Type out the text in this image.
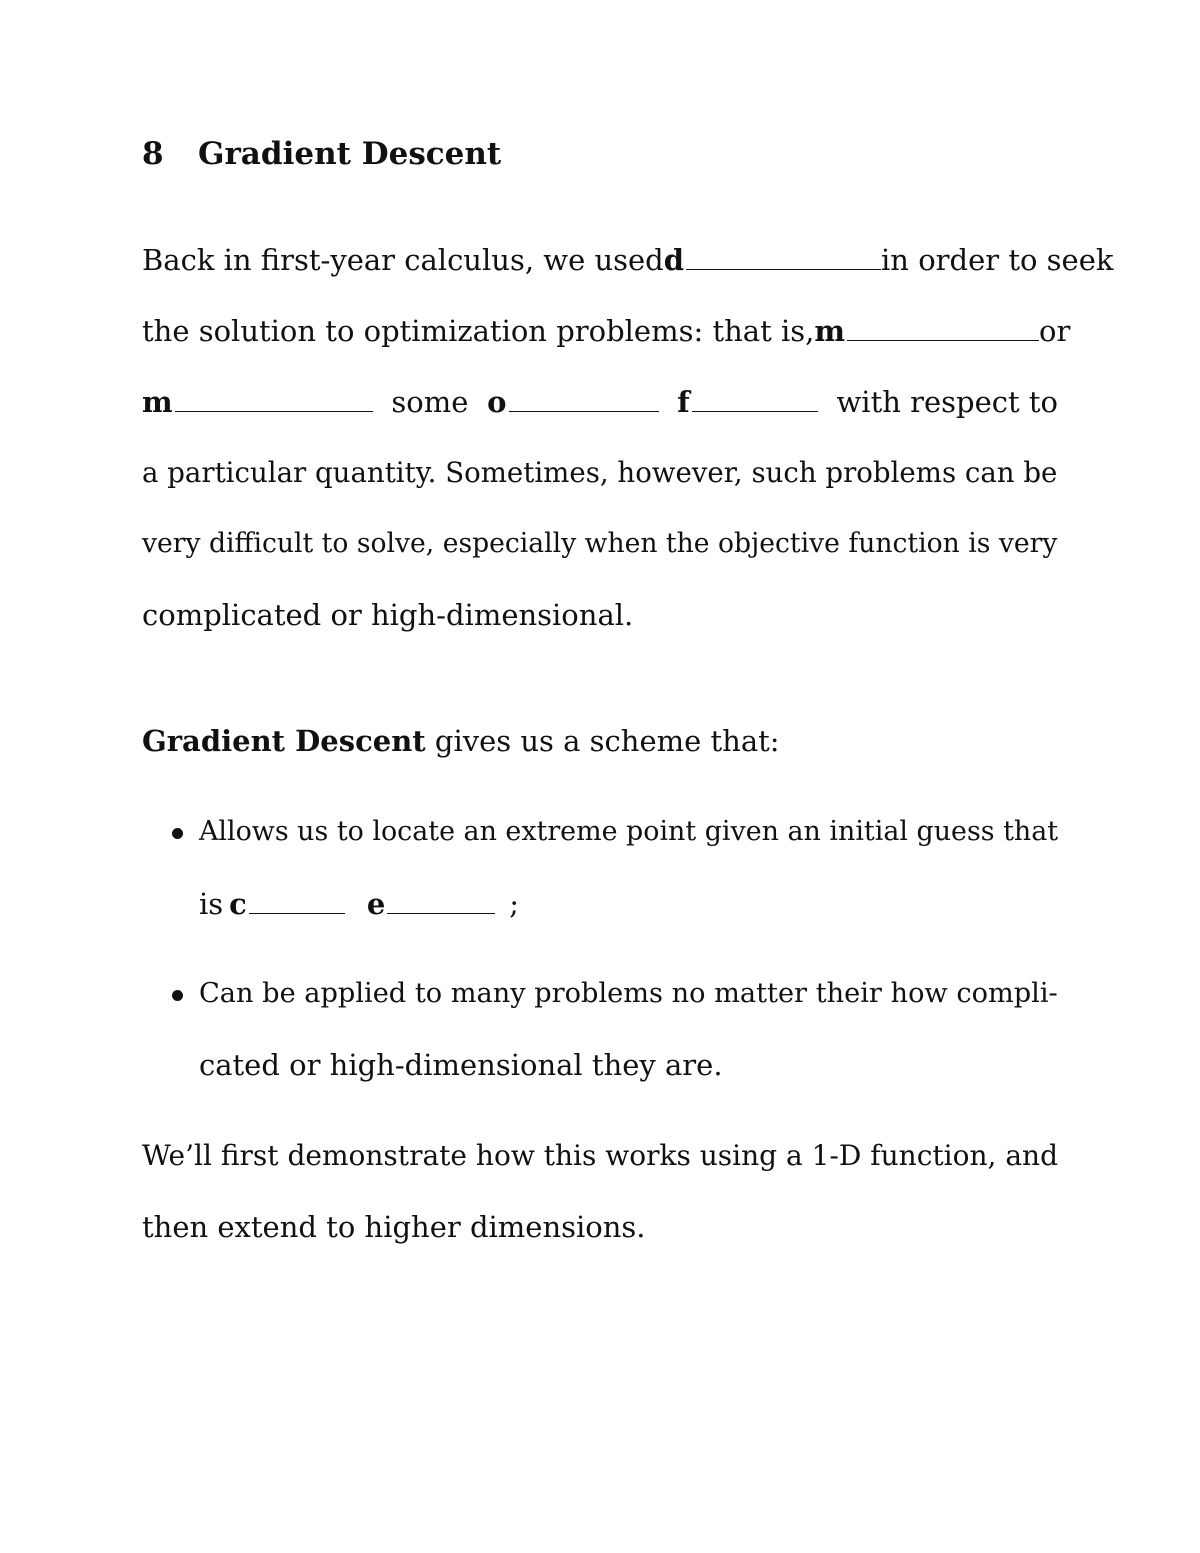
8 Gradient Descent
Back in first-year calculus, we used d	in order to seek
the solution to optimization problems: that is, m	or
m	some o	f	with respect to
a particular quantity. Sometimes, however, such problems can be
very difficult to solve, especially when the objective function is very
complicated or high-dimensional.
Gradient Descent gives us a scheme that:
Allows us to locate an extreme point given an initial guess that
is c	e	;
Can be applied to many problems no matter their how compli-
cated or high-dimensional they are.
We’ll first demonstrate how this works using a 1-D function, and
then extend to higher dimensions.
